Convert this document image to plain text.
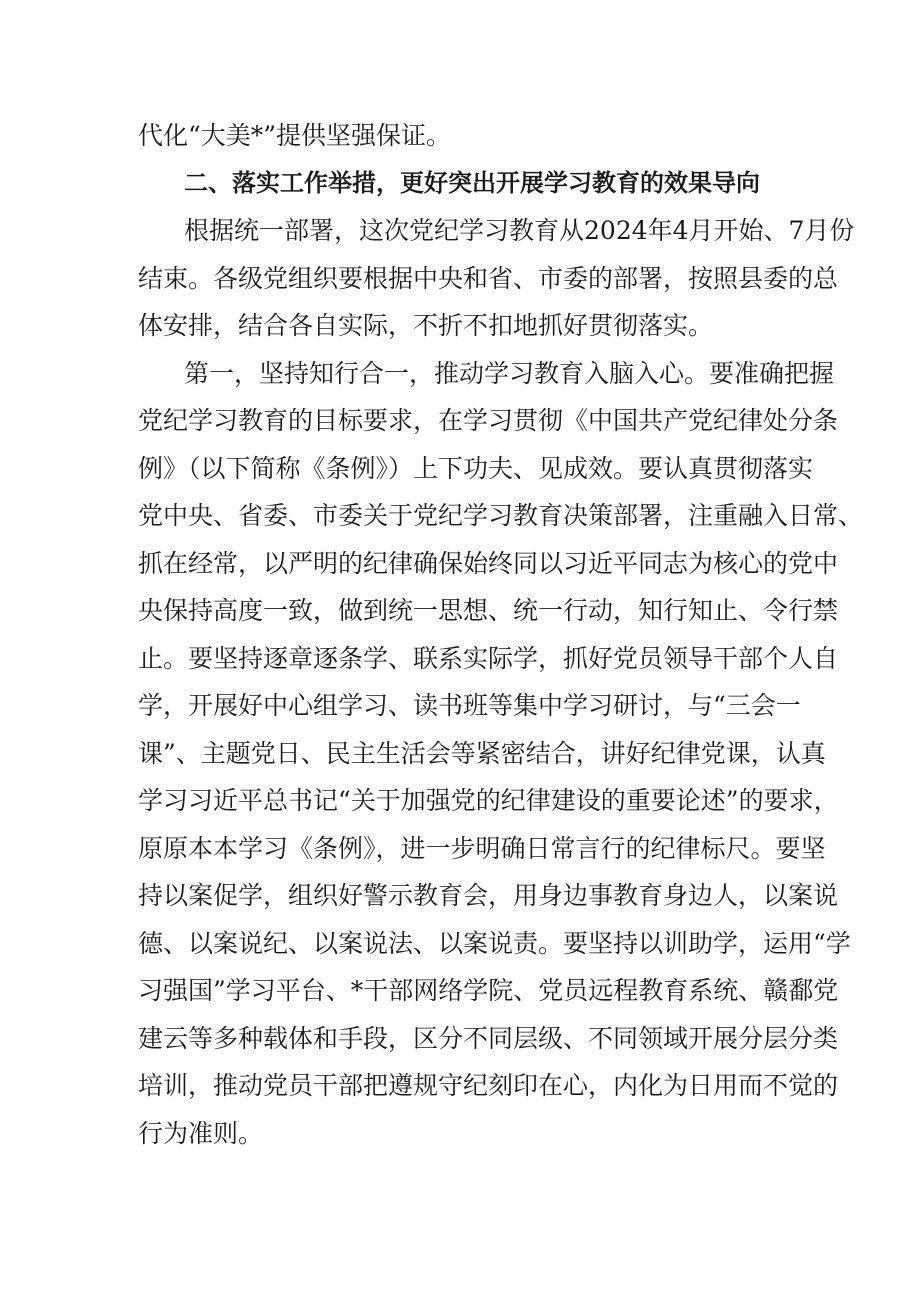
代化“大美*”提供坚强保证。
二、落实工作举措，更好突出开展学习教育的效果导向
根据统一部署，这次党纪学习教育从2024年4月开始、7月份
结束。各级党组织要根据中央和省、市委的部署，按照县委的总
体安排，结合各自实际，不折不扣地抓好贯彻落实。
第一，坚持知行合一，推动学习教育入脑入心。要准确把握
党纪学习教育的目标要求，在学习贯彻《中国共产党纪律处分条
例》（以下简称《条例》）上下功夫、见成效。要认真贯彻落实
党中央、省委、市委关于党纪学习教育决策部署，注重融入日常、
抓在经常，以严明的纪律确保始终同以习近平同志为核心的党中
央保持高度一致，做到统一思想、统一行动，知行知止、令行禁
止。要坚持逐章逐条学、联系实际学，抓好党员领导干部个人自
学，开展好中心组学习、读书班等集中学习研讨，与“三会一
课”、主题党日、民主生活会等紧密结合，讲好纪律党课，认真
学习习近平总书记“关于加强党的纪律建设的重要论述”的要求，
原原本本学习《条例》，进一步明确日常言行的纪律标尺。要坚
持以案促学，组织好警示教育会，用身边事教育身边人，以案说
德、以案说纪、以案说法、以案说责。要坚持以训助学，运用“学
习强国”学习平台、*干部网络学院、党员远程教育系统、赣鄱党
建云等多种载体和手段，区分不同层级、不同领域开展分层分类
培训，推动党员干部把遵规守纪刻印在心，内化为日用而不觉的
行为准则。
